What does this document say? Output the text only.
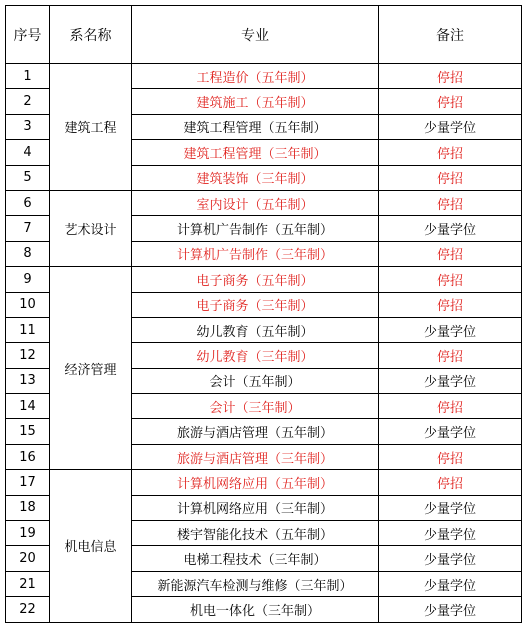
序号	系名称	专业	备注
1	建筑工程	工程造价（五年制）	停招
2		建筑施工（五年制）	停招
3		建筑工程管理（五年制）	少量学位
4		建筑工程管理（三年制）	停招
5		建筑装饰（三年制）	停招
6	艺术设计	室内设计（五年制）	停招
7		计算机广告制作（五年制）	少量学位
8		计算机广告制作（三年制）	停招
9	经济管理	电子商务（五年制）	停招
10		电子商务（三年制）	停招
11		幼儿教育（五年制）	少量学位
12		幼儿教育（三年制）	停招
13		会计（五年制）	少量学位
14		会计（三年制）	停招
15		旅游与酒店管理（五年制）	少量学位
16		旅游与酒店管理（三年制）	停招
17	机电信息	计算机网络应用（五年制）	停招
18		计算机网络应用（三年制）	少量学位
19		楼宇智能化技术（五年制）	少量学位
20		电梯工程技术（三年制）	少量学位
21		新能源汽车检测与维修（三年制）	少量学位
22		机电一体化（三年制）	少量学位
